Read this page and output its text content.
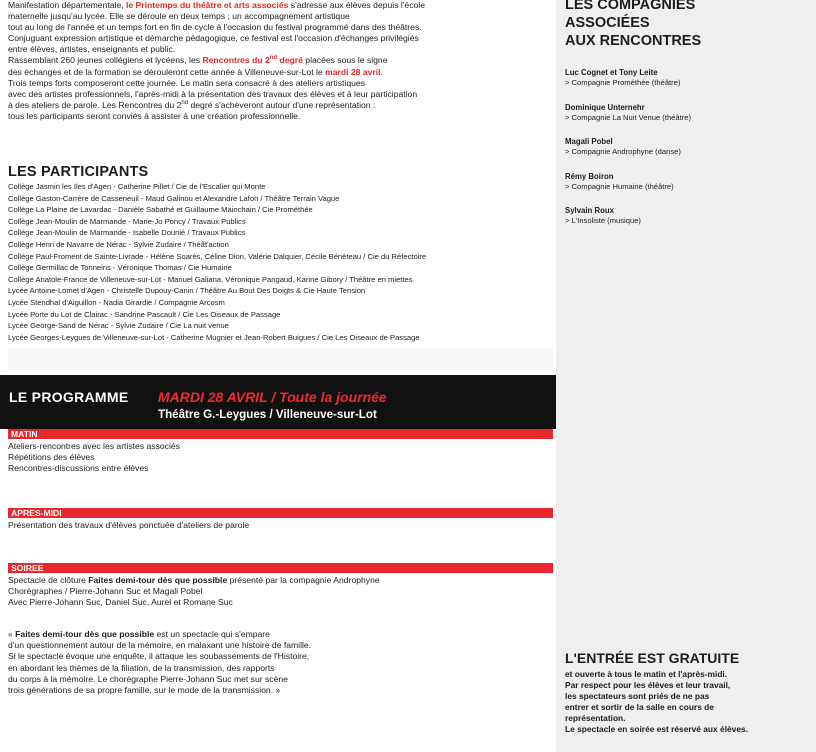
Manifestation départementale, le Printemps du théâtre et arts associés s'adresse aux élèves depuis l'école
maternelle jusqu'au lycée. Elle se déroule en deux temps ; un accompagnement artistique
tout au long de l'année et un temps fort en fin de cycle à l'occasion du festival programmé dans des théâtres.
Conjuguant expression artistique et démarche pédagogique, ce festival est l'occasion d'échanges privilégiés
entre élèves, artistes, enseignants et public.
Rassemblant 260 jeunes collégiens et lycéens, les Rencontres du 2nd degré placées sous le signe
des échanges et de la formation se dérouleront cette année à Villeneuve-sur-Lot le mardi 28 avril.
Trois temps forts composeront cette journée. Le matin sera consacré à des ateliers artistiques
avec des artistes professionnels, l'après-midi à la présentation des travaux des élèves et à leur participation
à des ateliers de parole. Les Rencontres du 2nd degré s'achèveront autour d'une représentation :
tous les participants seront conviés à assister à une création professionnelle.

LES PARTICIPANTS
Collège Jasmin les Iles d'Agen - Catherine Pillet / Cie de l'Escalier qui Monte
Collège Gaston-Carrère de Casseneuil - Maud Galinou et Alexandre Lafon / Théâtre Terrain Vague
Collège La Plaine de Lavardac - Danièle Sabathé et Guillaume Mainchain / Cie Prométhée
Collège Jean-Moulin de Marmande - Marie-Jo Poncy / Travaux Publics
Collège Jean-Moulin de Marmande - Isabelle Dounié / Travaux Publics
Collège Henri de Navarre de Nérac - Sylvie Zudaire / Théât'action
Collège Paul-Froment de Sainte-Livrade - Hélène Soarès, Céline Dion, Valérie Dalquier, Cécile Bénéteau / Cie du Réfectoire
Collège Germillac de Tonneins - Véronique Thomas / Cie Humaine
Collège Anatole-France de Villeneuve-sur-Lot - Manuel Galiana, Véronique Pangaud, Karine Gibory / Théâtre en miettes
Lycée Antoine-Lomet d'Agen - Christelle Dupouy-Canin / Théâtre Au Bout Des Doigts & Cie Haute Tension
Lycée Stendhal d'Aiguillon - Nadia Girardie / Compagnie Arcosm
Lycée Porte du Lot de Clairac - Sandrine Pascault / Cie Les Oiseaux de Passage
Lycée George-Sand de Nérac - Sylvie Zudaire / Cie La nuit venue
Lycée Georges-Leygues de Villeneuve-sur-Lot - Catherine Mugnier et Jean-Robert Buigues / Cie Les Oiseaux de Passage
LE PROGRAMME MARDI 28 AVRIL / Toute la journée
Théâtre G.-Leygues / Villeneuve-sur-Lot
MATIN
Ateliers-rencontres avec les artistes associés
Répétitions des élèves
Rencontres-discussions entre élèves
APRES-MIDI
Présentation des travaux d'élèves ponctuée d'ateliers de parole
SOIREE
Spectacle de clôture Faites demi-tour dès que possible présenté par la compagnie Androphyne
Chorégraphes / Pierre-Johann Suc et Magali Pobel
Avec Pierre-Johann Suc, Daniel Suc, Aurel et Romane Suc
« Faites demi-tour dès que possible est un spectacle qui s'empare
d'un questionnement autour de la mémoire, en malaxant une histoire de famille.
Si le spectacle évoque une enquête, il attaque les soubassements de l'Histoire,
en abordant les thèmes de la filiation, de la transmission, des rapports
du corps à la mémoire. Le chorégraphe Pierre-Johann Suc met sur scène
trois générations de sa propre famille, sur le mode de la transmission. »
LES COMPAGNIES
ASSOCIÉES
AUX RENCONTRES
Luc Cognet et Tony Leite
> Compagnie Prométhée (théâtre)
Dominique Unternehr
> Compagnie La Nuit Venue (théâtre)
Magali Pobel
> Compagnie Androphyne (danse)
Rémy Boiron
> Compagnie Humaine (théâtre)
Sylvain Roux
> L'Insoliste (musique)
L'ENTRÉE EST GRATUITE
et ouverte à tous le matin et l'après-midi.
Par respect pour les élèves et leur travail,
les spectateurs sont priés de ne pas
entrer et sortir de la salle en cours de
représentation.
Le spectacle en soirée est réservé aux élèves.
